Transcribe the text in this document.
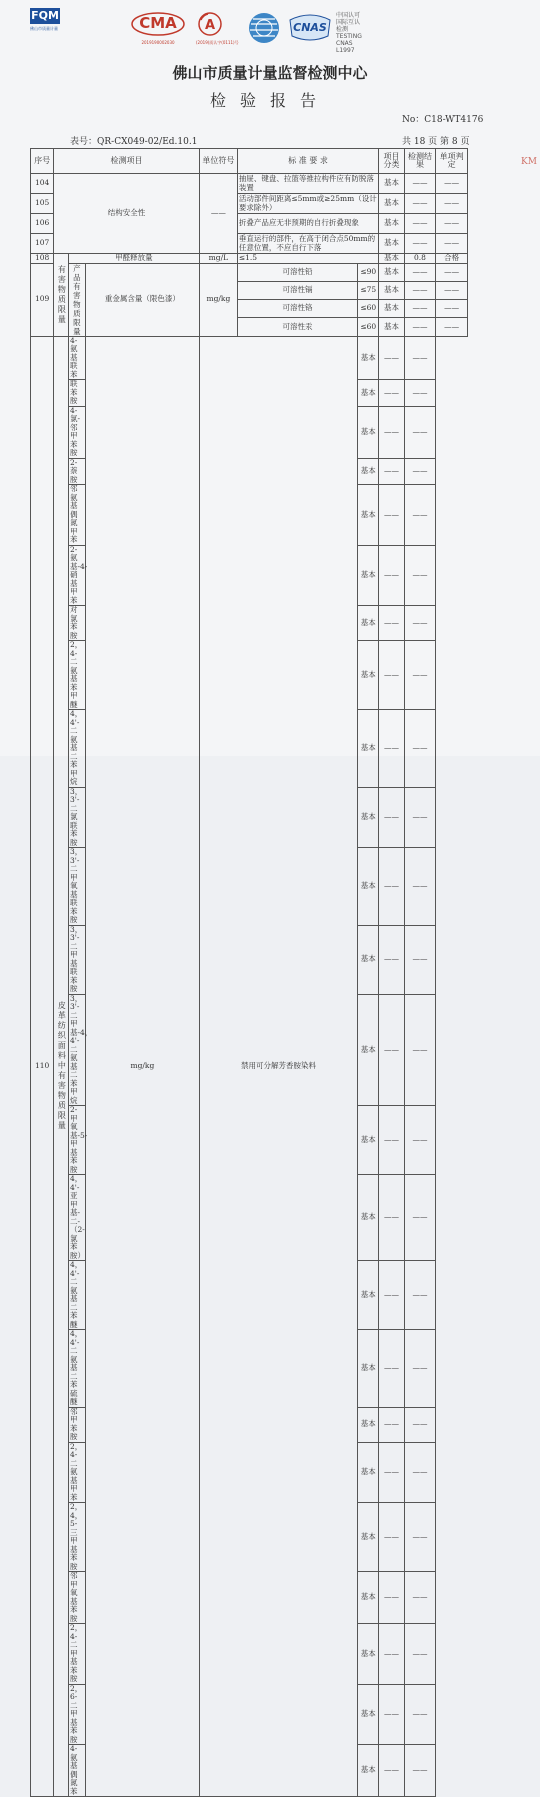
FQM
佛山市质量计量	CMA
2019190002030
A
(2019)质认字(0111)号
CNAS
中国认可
国际互认
检测
TESTING
CNAS L1997
佛山市质量计量监督检测中心
检验报告
No：C18-WT4176
表号：QR-CX049-02/Ed.10.1	共 18 页 第 8 页
KM
序号	检测项目			单位符号	标 准 要 求		项目分类	检测结果	单项判定	
104	结构安全性			——	抽屉、键盘、拉篮等推拉构件应有防脱落装置		基本	——	——	
105					活动部件间距离≤5mm或≥25mm（设计要求除外）		基本	——	——	
106					折叠产品应无非预期的自行折叠现象		基本	——	——	
107					垂直运行的部件，在高于闭合点50mm的任意位置，不应自行下落		基本	——	——	
108	有害物质限量	甲醛释放量		mg/L	≤1.5		基本	0.8	合格	
109		产品有害物质限量	重金属含量（限色漆）	mg/kg	可溶性铅	≤90	基本	——	——	
					可溶性镉	≤75	基本	——	——	
					可溶性铬	≤60	基本	——	——	
					可溶性汞	≤60	基本	——	——	
110	皮革纺织面料中有害物质限量	4-氨基联苯	mg/kg	禁用可分解芳香胺染料		基本	——	——		
		联苯胺				基本	——	——		
		4-氯-邻甲苯胺				基本	——	——		
		2-萘胺				基本	——	——		
		邻氨基偶氮甲苯				基本	——	——		
		2-氨基-4-硝基甲苯				基本	——	——		
		对氯苯胺				基本	——	——		
		2，4-二氨基苯甲醚				基本	——	——		
		4，4'-二氨基二苯甲烷				基本	——	——		
		3，3'-二氯联苯胺				基本	——	——		
		3，3'-二甲氧基联苯胺				基本	——	——		
		3，3'-二甲基联苯胺				基本	——	——		
		3，3'-二甲基-4，4'-二氨基二苯甲烷				基本	——	——		
		2-甲氧基-5-甲基苯胺				基本	——	——		
		4，4'-亚甲基-二-（2-氯苯胺）				基本	——	——		
		4，4'-二氨基二苯醚				基本	——	——		
		4，4'-二氨基二苯硫醚				基本	——	——		
		邻甲苯胺				基本	——	——		
		2，4-二氨基甲苯				基本	——	——		
		2，4，5-三甲基苯胺				基本	——	——		
		邻甲氧基苯胺				基本	——	——		
		2，4-二甲基苯胺				基本	——	——		
		2，6-二甲基苯胺				基本	——	——		
		4-氨基偶氮苯				基本	——	——		
